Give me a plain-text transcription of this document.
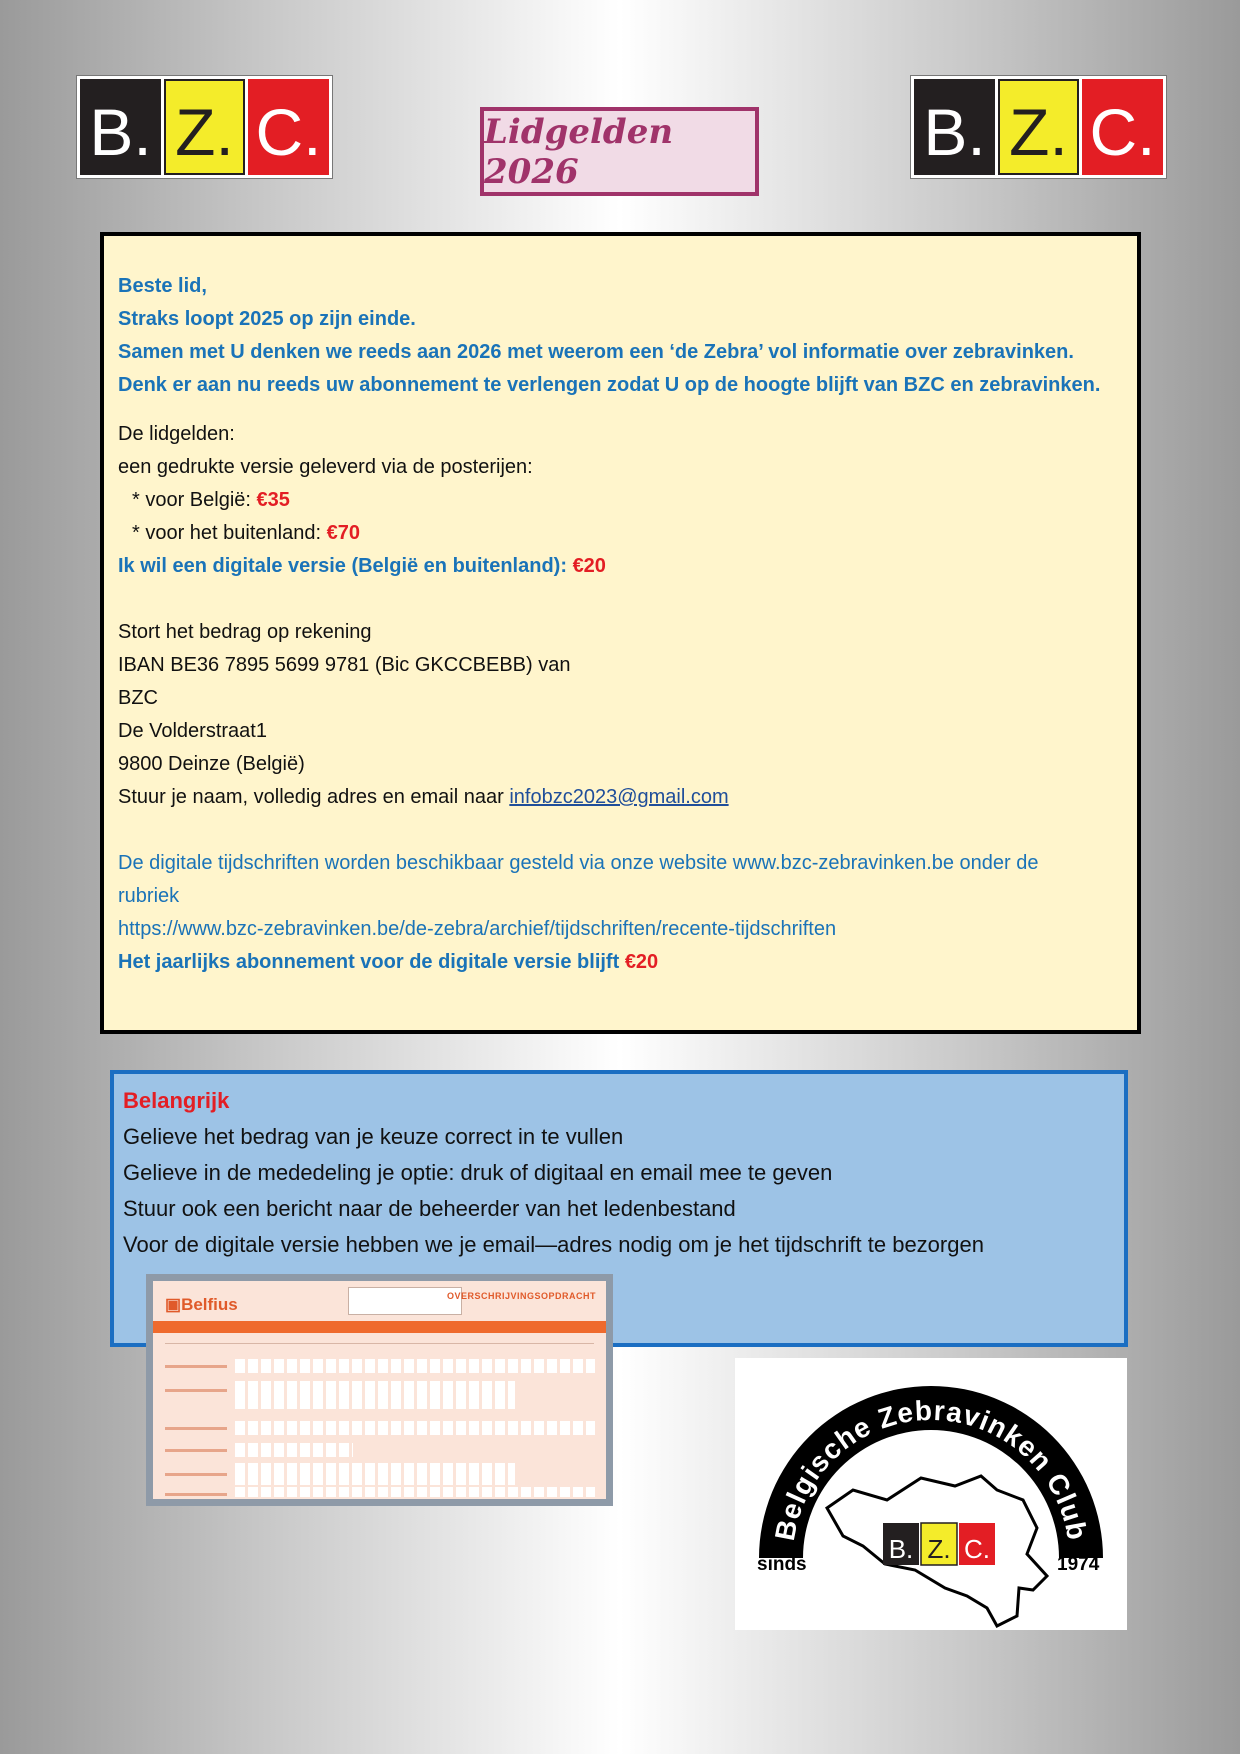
B. Z. C.	Lidgelden 2026
B. Z. C.

Beste lid,

Straks loopt 2025 op zijn einde.

Samen met U denken we reeds aan 2026 met weerom een ‘de Zebra’ vol informatie over zebravinken.

Denk er aan nu reeds uw abonnement te verlengen zodat U op de hoogte blijft van BZC en zebravinken.

De lidgelden:

een gedrukte versie geleverd via de posterijen:

* voor België: €35

* voor het buitenland: €70

Ik wil een digitale versie (België en buitenland): €20

Stort het bedrag op rekening

IBAN BE36 7895 5699 9781 (Bic GKCCBEBB) van

BZC

De Volderstraat1

9800 Deinze (België)

Stuur je naam, volledig adres en email naar infobzc2023@gmail.com

De digitale tijdschriften worden beschikbaar gesteld via onze website www.bzc-zebravinken.be onder de

rubriek

https://www.bzc-zebravinken.be/de-zebra/archief/tijdschriften/recente-tijdschriften

Het jaarlijks abonnement voor de digitale versie blijft €20

Belangrijk

Gelieve het bedrag van je keuze correct in te vullen

Gelieve in de mededeling je optie: druk of digitaal en email mee te geven

Stuur ook een bericht naar de beheerder van het ledenbestand

Voor de digitale versie hebben we je email—adres nodig om je het tijdschrift te bezorgen

▣ Belfius	OVERSCHRIJVINGSOPDRACHT
Belgische Zebravinken Club
B. Z. C.
sinds	1974
